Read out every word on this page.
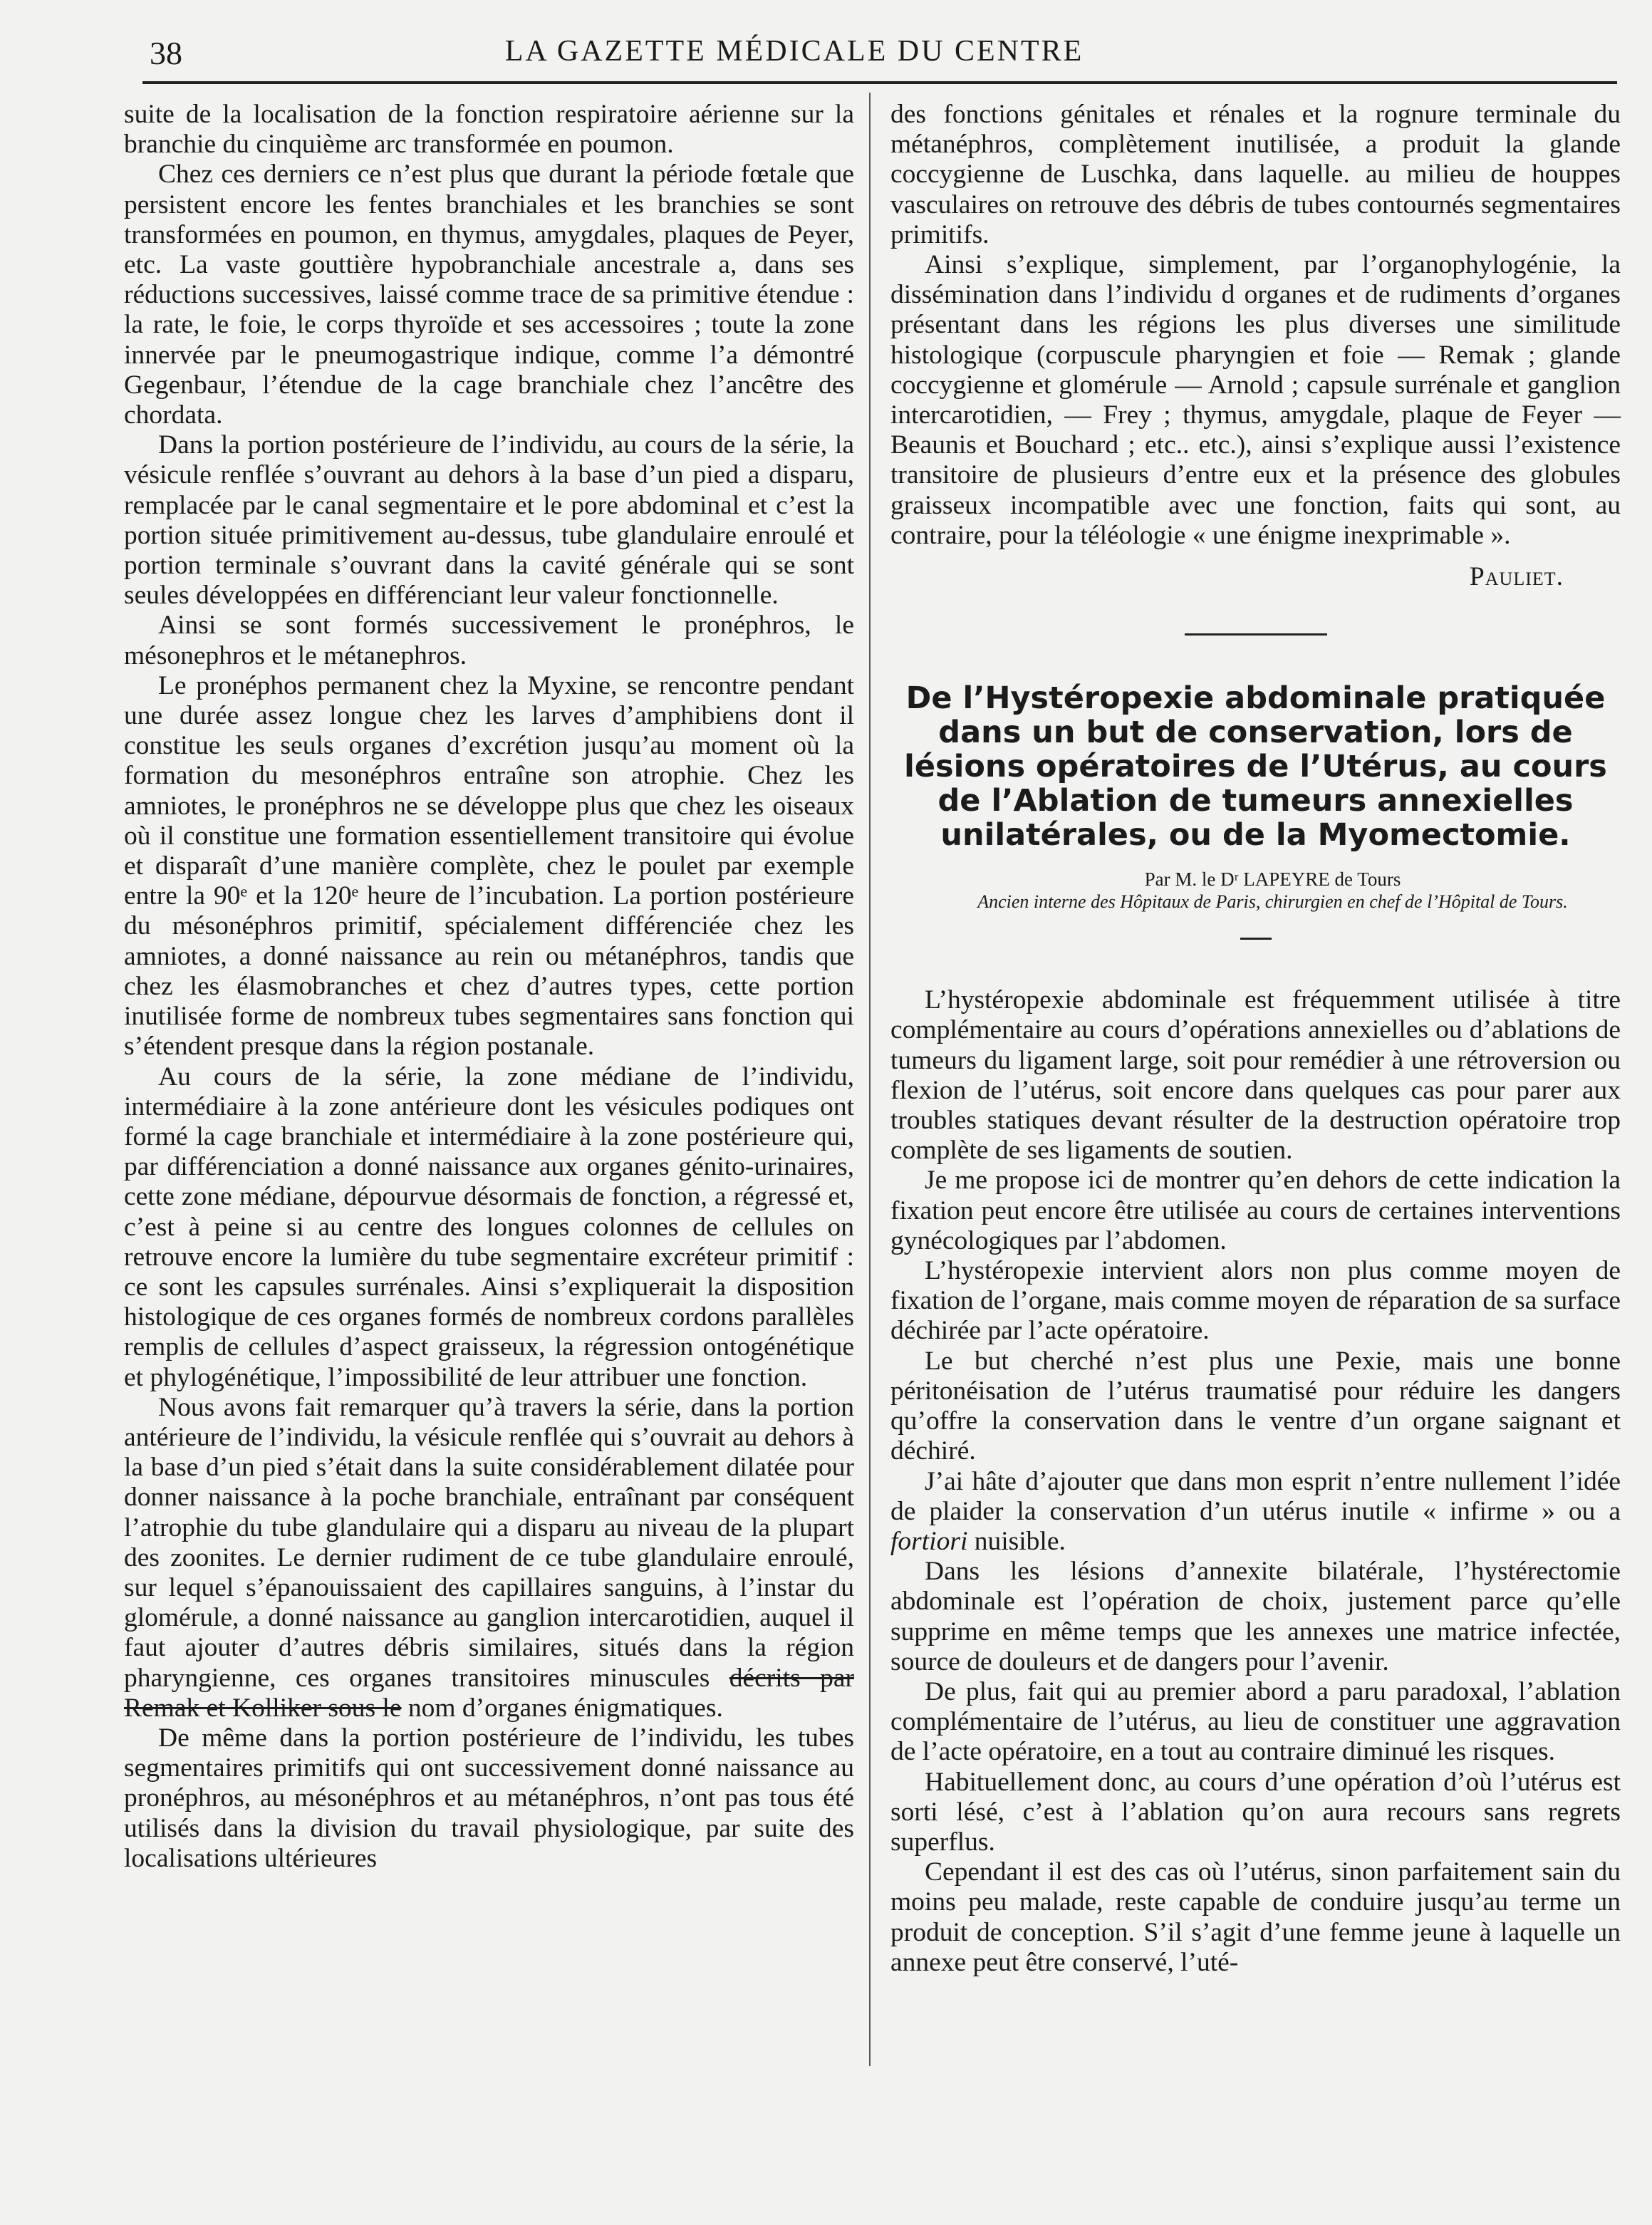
38	LA GAZETTE MÉDICALE DU CENTRE

suite de la localisation de la fonction respiratoire aérienne sur la branchie du cinquième arc transformée en poumon.

Chez ces derniers ce n’est plus que durant la période fœtale que persistent encore les fentes branchiales et les branchies se sont transformées en poumon, en thymus, amygdales, plaques de Peyer, etc. La vaste gouttière hypobranchiale ancestrale a, dans ses réductions successives, laissé comme trace de sa primitive étendue : la rate, le foie, le corps thyroïde et ses accessoires ; toute la zone innervée par le pneumogastrique indique, comme l’a démontré Gegenbaur, l’étendue de la cage branchiale chez l’ancêtre des chordata.

Dans la portion postérieure de l’individu, au cours de la série, la vésicule renflée s’ouvrant au dehors à la base d’un pied a disparu, remplacée par le canal segmentaire et le pore abdominal et c’est la portion située primitivement au-dessus, tube glandulaire enroulé et portion terminale s’ouvrant dans la cavité générale qui se sont seules développées en différenciant leur valeur fonctionnelle.

Ainsi se sont formés successivement le pronéphros, le mésonephros et le métanephros.

Le pronéphos permanent chez la Myxine, se rencontre pendant une durée assez longue chez les larves d’amphibiens dont il constitue les seuls organes d’excrétion jusqu’au moment où la formation du mesonéphros entraîne son atrophie. Chez les amniotes, le pronéphros ne se développe plus que chez les oiseaux où il constitue une formation essentiellement transitoire qui évolue et disparaît d’une manière complète, chez le poulet par exemple entre la 90ᵉ et la 120ᵉ heure de l’incubation. La portion postérieure du mésonéphros primitif, spécialement différenciée chez les amniotes, a donné naissance au rein ou métanéphros, tandis que chez les élasmobranches et chez d’autres types, cette portion inutilisée forme de nombreux tubes segmentaires sans fonction qui s’étendent presque dans la région postanale.

Au cours de la série, la zone médiane de l’individu, intermédiaire à la zone antérieure dont les vésicules podiques ont formé la cage branchiale et intermédiaire à la zone postérieure qui, par différenciation a donné naissance aux organes génito-urinaires, cette zone médiane, dépourvue désormais de fonction, a régressé et, c’est à peine si au centre des longues colonnes de cellules on retrouve encore la lumière du tube segmentaire excréteur primitif : ce sont les capsules surrénales. Ainsi s’expliquerait la disposition histologique de ces organes formés de nombreux cordons parallèles remplis de cellules d’aspect graisseux, la régression ontogénétique et phylogénétique, l’impossibilité de leur attribuer une fonction.

Nous avons fait remarquer qu’à travers la série, dans la portion antérieure de l’individu, la vésicule renflée qui s’ouvrait au dehors à la base d’un pied s’était dans la suite considérablement dilatée pour donner naissance à la poche branchiale, entraînant par conséquent l’atrophie du tube glandulaire qui a disparu au niveau de la plupart des zoonites. Le dernier rudiment de ce tube glandulaire enroulé, sur lequel s’épanouissaient des capillaires sanguins, à l’instar du glomérule, a donné naissance au ganglion intercarotidien, auquel il faut ajouter d’autres débris similaires, situés dans la région pharyngienne, ces organes transitoires minuscules décrits par Remak et Kolliker sous le nom d’organes énigmatiques.

De même dans la portion postérieure de l’individu, les tubes segmentaires primitifs qui ont successivement donné naissance au pronéphros, au mésonéphros et au métanéphros, n’ont pas tous été utilisés dans la division du travail physiologique, par suite des localisations ultérieures

des fonctions génitales et rénales et la rognure terminale du métanéphros, complètement inutilisée, a produit la glande coccygienne de Luschka, dans laquelle. au milieu de houppes vasculaires on retrouve des débris de tubes contournés segmentaires primitifs.

Ainsi s’explique, simplement, par l’organophylogénie, la dissémination dans l’individu d organes et de rudiments d’organes présentant dans les régions les plus diverses une similitude histologique (corpuscule pharyngien et foie — Remak ; glande coccygienne et glomérule — Arnold ; capsule surrénale et ganglion intercarotidien, — Frey ; thymus, amygdale, plaque de Feyer — Beaunis et Bouchard ; etc.. etc.), ainsi s’explique aussi l’existence transitoire de plusieurs d’entre eux et la présence des globules graisseux incompatible avec une fonction, faits qui sont, au contraire, pour la téléologie « une énigme inexprimable ».

Pauliet.

De l’Hystéropexie abdominale pratiquée dans un but de conservation, lors de lésions opératoires de l’Utérus, au cours de l’Ablation de tumeurs annexielles unilatérales, ou de la Myomectomie.

Par M. le Dʳ LAPEYRE de Tours

Ancien interne des Hôpitaux de Paris, chirurgien en chef de l’Hôpital de Tours.

L’hystéropexie abdominale est fréquemment utilisée à titre complémentaire au cours d’opérations annexielles ou d’ablations de tumeurs du ligament large, soit pour remédier à une rétroversion ou flexion de l’utérus, soit encore dans quelques cas pour parer aux troubles statiques devant résulter de la destruction opératoire trop complète de ses ligaments de soutien.

Je me propose ici de montrer qu’en dehors de cette indication la fixation peut encore être utilisée au cours de certaines interventions gynécologiques par l’abdomen.

L’hystéropexie intervient alors non plus comme moyen de fixation de l’organe, mais comme moyen de réparation de sa surface déchirée par l’acte opératoire.

Le but cherché n’est plus une Pexie, mais une bonne péritonéisation de l’utérus traumatisé pour réduire les dangers qu’offre la conservation dans le ventre d’un organe saignant et déchiré.

J’ai hâte d’ajouter que dans mon esprit n’entre nullement l’idée de plaider la conservation d’un utérus inutile « infirme » ou a fortiori nuisible.

Dans les lésions d’annexite bilatérale, l’hystérectomie abdominale est l’opération de choix, justement parce qu’elle supprime en même temps que les annexes une matrice infectée, source de douleurs et de dangers pour l’avenir.

De plus, fait qui au premier abord a paru paradoxal, l’ablation complémentaire de l’utérus, au lieu de constituer une aggravation de l’acte opératoire, en a tout au contraire diminué les risques.

Habituellement donc, au cours d’une opération d’où l’utérus est sorti lésé, c’est à l’ablation qu’on aura recours sans regrets superflus.

Cependant il est des cas où l’utérus, sinon parfaitement sain du moins peu malade, reste capable de conduire jusqu’au terme un produit de conception. S’il s’agit d’une femme jeune à laquelle un annexe peut être conservé, l’uté-
